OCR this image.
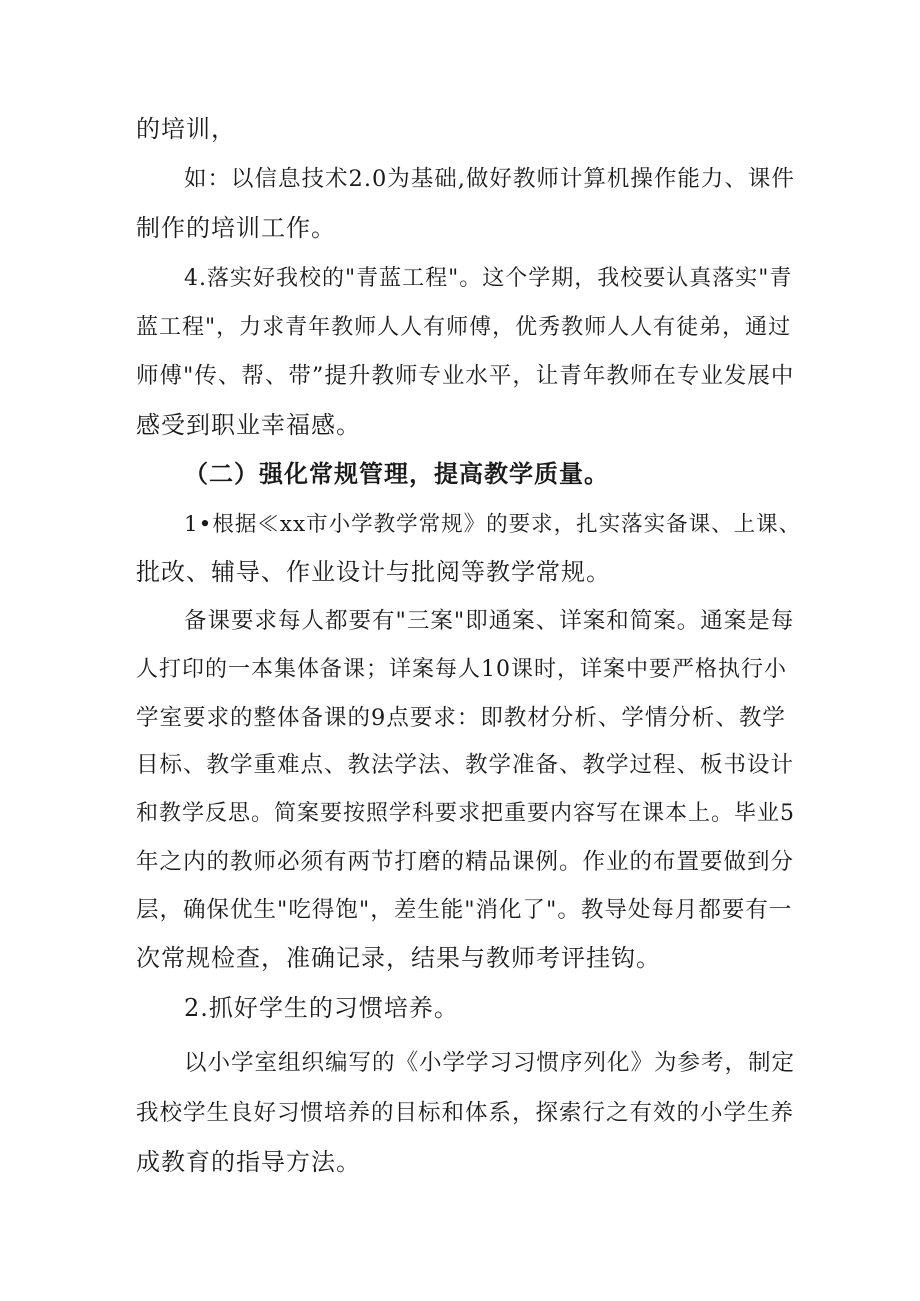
的培训，
如：以信息技术2.0为基础,做好教师计算机操作能力、课件
制作的培训工作。
4.落实好我校的"青蓝工程"。这个学期，我校要认真落实"青
蓝工程"，力求青年教师人人有师傅，优秀教师人人有徒弟，通过
师傅"传、帮、带”提升教师专业水平，让青年教师在专业发展中
感受到职业幸福感。
（二）强化常规管理，提高教学质量。
1•根据≪xx市小学教学常规》的要求，扎实落实备课、上课、
批改、辅导、作业设计与批阅等教学常规。
备课要求每人都要有"三案"即通案、详案和简案。通案是每
人打印的一本集体备课；详案每人10课时，详案中要严格执行小
学室要求的整体备课的9点要求：即教材分析、学情分析、教学
目标、教学重难点、教法学法、教学准备、教学过程、板书设计
和教学反思。简案要按照学科要求把重要内容写在课本上。毕业5
年之内的教师必须有两节打磨的精品课例。作业的布置要做到分
层，确保优生"吃得饱"，差生能"消化了"。教导处每月都要有一
次常规检查，准确记录，结果与教师考评挂钩。
2.抓好学生的习惯培养。
以小学室组织编写的《小学学习习惯序列化》为参考，制定
我校学生良好习惯培养的目标和体系，探索行之有效的小学生养
成教育的指导方法。
